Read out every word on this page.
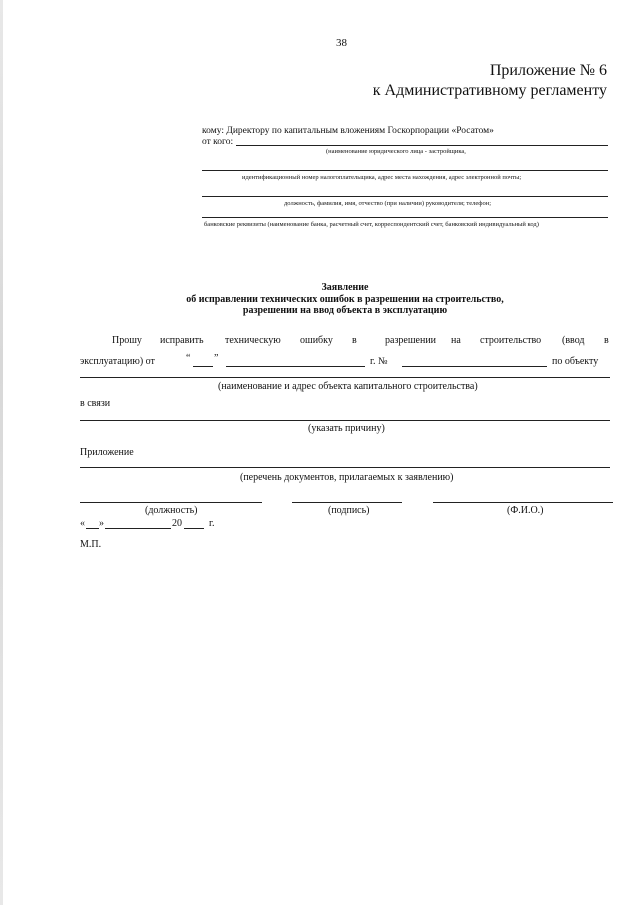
38
Приложение № 6
к Административному регламенту
кому: Директору по капитальным вложениям Госкорпорации «Росатом»
от кого:
(наименование юридического лица - застройщика,
идентификационный номер налогоплательщика, адрес места нахождения, адрес электронной почты;
должность, фамилия, имя, отчество (при наличии) руководителя; телефон;
банковские реквизиты (наименование банка, расчетный счет, корреспондентский счет, банковский индивидуальный код)
Заявление
об исправлении технических ошибок в разрешении на строительство,
разрешении на ввод объекта в эксплуатацию
Прошу исправить техническую ошибку в	разрешении на строительство (ввод в
эксплуатацию) от	“ ”	г. №	по объекту
(наименование и адрес объекта капитального строительства)
в связи
(указать причину)
Приложение
(перечень документов, прилагаемых к заявлению)
(должность)	(подпись)	(Ф.И.О.)
« »	20	г.
М.П.
